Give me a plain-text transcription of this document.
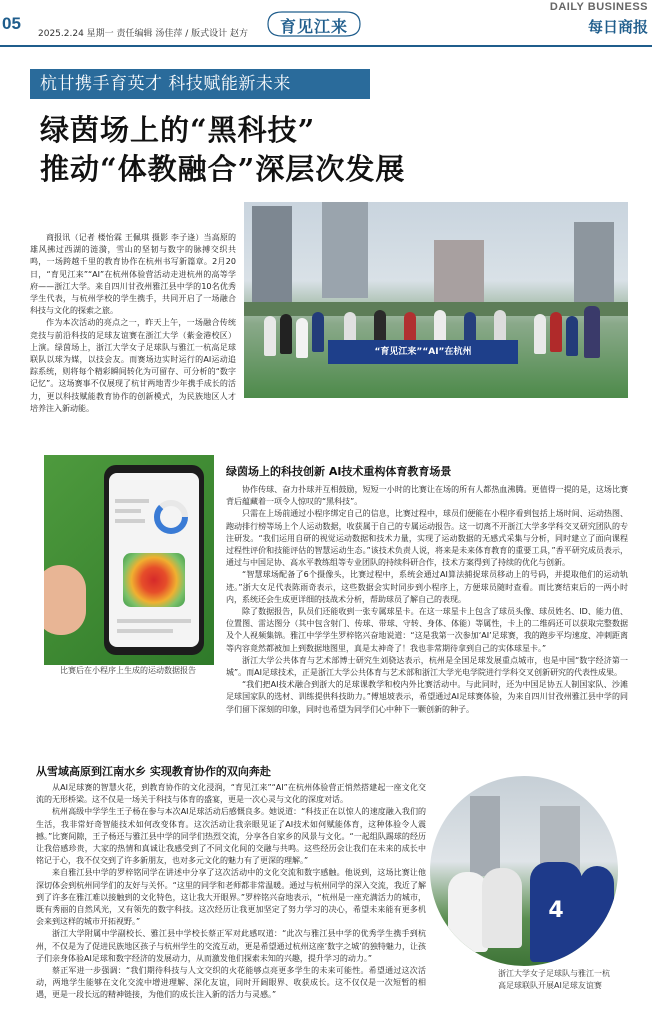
05
2025.2.24 星期一 责任编辑 汤佳萍 / 版式设计 赵方	育见江来
DAILY BUSINESS
每日商报
杭甘携手育英才 科技赋能新未来
绿茵场上的“黑科技”
推动“体教融合”深层次发展

商报讯（记者 楼怡霖 王佩琪 摄影 李子逢）当高原的雄风拂过西湖的涟漪，雪山的坚韧与数字的脉搏交织共鸣，一场跨越千里的教育协作在杭州书写新篇章。2月20日，“育见江来”“AI”在杭州体验营活动走进杭州的高等学府——浙江大学。来自四川甘孜州雅江县中学的10名优秀学生代表，与杭州学校的学生携手，共同开启了一场融合科技与文化的探索之旅。

作为本次活动的亮点之一，昨天上午，一场融合传统竞技与前沿科技的足球友谊赛在浙江大学（紫金港校区）上演。绿茵场上，浙江大学女子足球队与雅江一杭高足球联队以球为媒，以技会友。而赛场边实时运行的AI运动追踪系统，则将每个精彩瞬间转化为可留存、可分析的“数字记忆”。这场赛事不仅展现了杭甘两地青少年携手成长的活力，更以科技赋能教育协作的创新模式，为民族地区人才培养注入新动能。

“育见江来”“AI”在杭州
比赛后在小程序上生成的运动数据报告
绿茵场上的科技创新 AI技术重构体育教育场景

协作传球、奋力扑球并互相鼓励，短短一小时的比赛让在场的所有人都热血沸腾。更值得一提的是，这场比赛背后蕴藏着一项令人惊叹的“黑科技”。

只需在上场前通过小程序绑定自己的信息，比赛过程中，球员们便能在小程序看到包括上场时间、运动热图、跑动排行榜等场上个人运动数据，收获属于自己的专属运动报告。这一切离不开浙江大学多学科交叉研究团队的专注研发。“我们运用自研的视觉运动数据和技术力量，实现了运动数据的无感式采集与分析，同时建立了面向课程过程性评价和技能评估的智慧运动生态。”该技术负责人说，将来是未来体育教育的重要工具，”香平研究成员表示，通过与中国足协、高水平教练组等专业团队的持续科研合作，技术方案得到了持续的优化与创新。

“智慧球场配备了6个摄像头，比赛过程中，系统会通过AI算法捕捉球员移动上的号码，并提取他们的运动轨迹。”浙大女足代表陈雨奇表示，这些数据会实时同步到小程序上，方便球员随时查看。而比赛结束后的一两小时内，系统还会生成更详细的技战术分析，帮助球员了解自己的表现。

除了数据报告，队员们还能收到一张专属球星卡。在这一球星卡上包含了球员头像、球员姓名、ID、能力值、位置图、雷达图分（其中包含射门、传球、带球、守转、身体、体能）等属性，卡上的二维码还可以获取完整数据及个人视频集锦。雅江中学学生罗梓铭兴奋地说道：“这是我第一次参加‘AI’足球赛，我的跑步平均速度、冲刺距离等内容竟然都被加上到数据地图里，真是太神奇了！我也非常期待拿到自己的实体球星卡。”

浙江大学公共体育与艺术部博士研究生刘骁达表示，杭州是全国足球发展重点城市，也是中国“数字经济第一城”。而AI足球技术，正是浙江大学公共体育与艺术部和浙江大学光电学院进行学科交叉创新研究的代表性成果。

“我们把AI技术融合到浙大的足球课教学和校内外比赛活动中。与此同时，还为中国足协五人制国家队、沙滩足球国家队的选材、训练提供科技助力。”傅旭坡表示，希望通过AI足球赛体验，为来自四川甘孜州雅江县中学的同学们留下深刻的印象，同时也希望为同学们心中种下一颗创新的种子。

从雪域高原到江南水乡 实现教育协作的双向奔赴

从AI足球赛的智慧火花，到教育协作的文化浸润，“育见江来”“AI”在杭州体验营正悄然搭建起一座文化交流的无形桥梁。这不仅是一场关于科技与体育的盛宴，更是一次心灵与文化的深度对话。

杭州高级中学学生王子杨在参与本次AI足球活动后感慨良多。她说道：“科技正在以惊人的速度融入我们的生活，我非常好奇智能技术如何改变体育。这次活动让我亲眼见证了AI技术如何赋能体育，这种体验令人震撼。”比赛间隙，王子杨还与雅江县中学的同学们热烈交流，分享各自家乡的风景与文化。“一起组队踢球的经历让我倍感珍贵，大家的热情和真诚让我感受到了不同文化间的交融与共鸣。这些经历会让我们在未来的成长中铭记于心，我不仅交到了许多新朋友，也对多元文化的魅力有了更深的理解。”

来自雅江县中学的罗梓铭同学在讲述中分享了这次活动中的文化交流和数字感触。他说到，这场比赛让他深切体会到杭州同学们的友好与关怀。“这里的同学和老师都非常温暖。通过与杭州同学的深入交流，我近了解到了许多在雅江难以接触到的文化特色，这让我大开眼界。”罗梓铭兴奋地表示，“杭州是一座充满活力的城市，既有秀丽的自然风光，又有领先的数字科技。这次经历让我更加坚定了努力学习的决心，希望未来能有更多机会来到这样的城市开拓视野。”

浙江大学附属中学副校长、雅江县中学校长蔡正军对此感叹道：“此次与雅江县中学的优秀学生携手到杭州，不仅是为了促进民族地区孩子与杭州学生的交流互动，更是希望通过杭州这座‘数字之城’的独特魅力，让孩子们亲身体验AI足球和数字经济的发展动力，从而激发他们探索未知的兴趣，提升学习的动力。”

蔡正军进一步强调：“我们期待科技与人文交织的火花能够点亮更多学生的未来可能性。希望通过这次活动，两地学生能够在文化交流中增进理解、深化友谊，同时开阔眼界、收获成长。这不仅仅是一次短暂的相遇，更是一段长远的精神链接，为他们的成长注入新的活力与灵感。”

4
浙江大学女子足球队与雅江一杭
高足球联队开展AI足球友谊赛
